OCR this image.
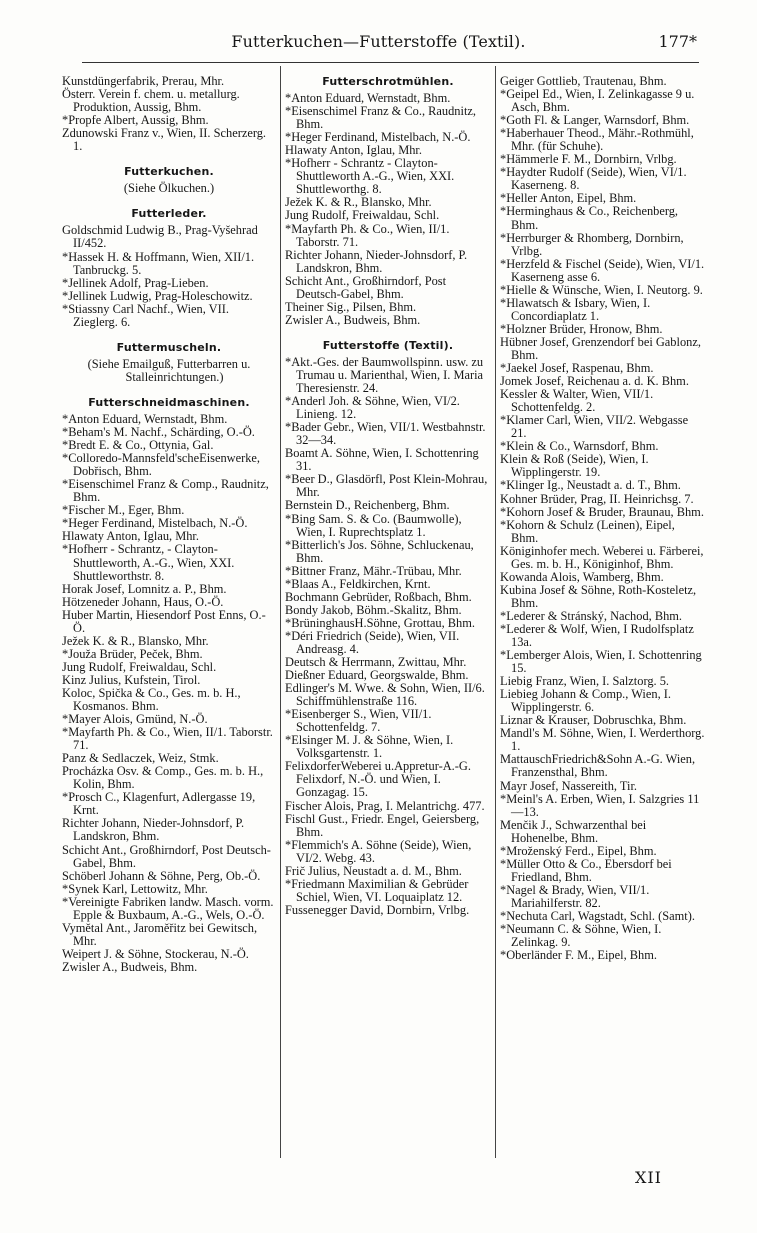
Futterkuchen—Futterstoffe (Textil).	177*

Kunstdüngerfabrik, Prerau, Mhr.

Österr. Verein f. chem. u. metallurg. Produktion, Aussig, Bhm.

*Propfe Albert, Aussig, Bhm.

Zdunowski Franz v., Wien, II. Scherzerg. 1.

Futterkuchen.

(Siehe Ölkuchen.)

Futterleder.

Goldschmid Ludwig B., Prag-Vyšehrad II/452.

*Hassek H. & Hoffmann, Wien, XII/1. Tanbruckg. 5.

*Jellinek Adolf, Prag-Lieben.

*Jellinek Ludwig, Prag-Holeschowitz.

*Stiassny Carl Nachf., Wien, VII. Zieglerg. 6.

Futtermuscheln.

(Siehe Emailguß, Futterbarren u. Stalleinrichtungen.)

Futterschneidmaschinen.

*Anton Eduard, Wernstadt, Bhm.

*Beham's M. Nachf., Schärding, O.-Ö.

*Bredt E. & Co., Ottynia, Gal.

*Colloredo-Mannsfeld'scheEisenwerke, Dobřisch, Bhm.

*Eisenschimel Franz & Comp., Raudnitz, Bhm.

*Fischer M., Eger, Bhm.

*Heger Ferdinand, Mistelbach, N.-Ö.

Hlawaty Anton, Iglau, Mhr.

*Hofherr - Schrantz, - Clayton-Shuttleworth, A.-G., Wien, XXI. Shuttleworthstr. 8.

Horak Josef, Lomnitz a. P., Bhm.

Hötzeneder Johann, Haus, O.-Ö.

Huber Martin, Hiesendorf Post Enns, O.-Ö.

Ježek K. & R., Blansko, Mhr.

*Jouža Brüder, Peček, Bhm.

Jung Rudolf, Freiwaldau, Schl.

Kinz Julius, Kufstein, Tirol.

Koloc, Spička & Co., Ges. m. b. H., Kosmanos. Bhm.

*Mayer Alois, Gmünd, N.-Ö.

*Mayfarth Ph. & Co., Wien, II/1. Taborstr. 71.

Panz & Sedlaczek, Weiz, Stmk.

Procházka Osv. & Comp., Ges. m. b. H., Kolin, Bhm.

*Prosch C., Klagenfurt, Adlergasse 19, Krnt.

Richter Johann, Nieder-Johnsdorf, P. Landskron, Bhm.

Schicht Ant., Großhirndorf, Post Deutsch-Gabel, Bhm.

Schöberl Johann & Söhne, Perg, Ob.-Ö.

*Synek Karl, Lettowitz, Mhr.

*Vereinigte Fabriken landw. Masch. vorm. Epple & Buxbaum, A.-G., Wels, O.-Ö.

Vymětal Ant., Jaroměřitz bei Gewitsch, Mhr.

Weipert J. & Söhne, Stockerau, N.-Ö.

Zwisler A., Budweis, Bhm.

Futterschrotmühlen.

*Anton Eduard, Wernstadt, Bhm.

*Eisenschimel Franz & Co., Raudnitz, Bhm.

*Heger Ferdinand, Mistelbach, N.-Ö.

Hlawaty Anton, Iglau, Mhr.

*Hofherr - Schrantz - Clayton-Shuttleworth A.-G., Wien, XXI. Shuttleworthg. 8.

Ježek K. & R., Blansko, Mhr.

Jung Rudolf, Freiwaldau, Schl.

*Mayfarth Ph. & Co., Wien, II/1. Taborstr. 71.

Richter Johann, Nieder-Johnsdorf, P. Landskron, Bhm.

Schicht Ant., Großhirndorf, Post Deutsch-Gabel, Bhm.

Theiner Sig., Pilsen, Bhm.

Zwisler A., Budweis, Bhm.

Futterstoffe (Textil).

*Akt.-Ges. der Baumwollspinn. usw. zu Trumau u. Marienthal, Wien, I. Maria Theresienstr. 24.

*Anderl Joh. & Söhne, Wien, VI/2. Linieng. 12.

*Bader Gebr., Wien, VII/1. Westbahnstr. 32—34.

Boamt A. Söhne, Wien, I. Schottenring 31.

*Beer D., Glasdörfl, Post Klein-Mohrau, Mhr.

Bernstein D., Reichenberg, Bhm.

*Bing Sam. S. & Co. (Baumwolle), Wien, I. Ruprechtsplatz 1.

*Bitterlich's Jos. Söhne, Schluckenau, Bhm.

*Bittner Franz, Mähr.-Trübau, Mhr.

*Blaas A., Feldkirchen, Krnt.

Bochmann Gebrüder, Roßbach, Bhm.

Bondy Jakob, Böhm.-Skalitz, Bhm.

*BrüninghausH.Söhne, Grottau, Bhm.

*Déri Friedrich (Seide), Wien, VII. Andreasg. 4.

Deutsch & Herrmann, Zwittau, Mhr.

Dießner Eduard, Georgswalde, Bhm.

Edlinger's M. Wwe. & Sohn, Wien, II/6. Schiffmühlenstraße 116.

*Eisenberger S., Wien, VII/1. Schottenfeldg. 7.

*Elsinger M. J. & Söhne, Wien, I. Volksgartenstr. 1.

FelixdorferWeberei u.Appretur-A.-G. Felixdorf, N.-Ö. und Wien, I. Gonzagag. 15.

Fischer Alois, Prag, I. Melantrichg. 477.

Fischl Gust., Friedr. Engel, Geiersberg, Bhm.

*Flemmich's A. Söhne (Seide), Wien, VI/2. Webg. 43.

Frič Julius, Neustadt a. d. M., Bhm.

*Friedmann Maximilian & Gebrüder Schiel, Wien, VI. Loquaiplatz 12.

Fussenegger David, Dornbirn, Vrlbg.

Geiger Gottlieb, Trautenau, Bhm.

*Geipel Ed., Wien, I. Zelinkagasse 9 u. Asch, Bhm.

*Goth Fl. & Langer, Warnsdorf, Bhm.

*Haberhauer Theod., Mähr.-Rothmühl, Mhr. (für Schuhe).

*Hämmerle F. M., Dornbirn, Vrlbg.

*Haydter Rudolf (Seide), Wien, VI/1. Kaserneng. 8.

*Heller Anton, Eipel, Bhm.

*Herminghaus & Co., Reichenberg, Bhm.

*Herrburger & Rhomberg, Dornbirn, Vrlbg.

*Herzfeld & Fischel (Seide), Wien, VI/1. Kaserneng asse 6.

*Hielle & Wünsche, Wien, I. Neutorg. 9.

*Hlawatsch & Isbary, Wien, I. Concordiaplatz 1.

*Holzner Brüder, Hronow, Bhm.

Hübner Josef, Grenzendorf bei Gablonz, Bhm.

*Jaekel Josef, Raspenau, Bhm.

Jomek Josef, Reichenau a. d. K. Bhm.

Kessler & Walter, Wien, VII/1. Schottenfeldg. 2.

*Klamer Carl, Wien, VII/2. Webgasse 21.

*Klein & Co., Warnsdorf, Bhm.

Klein & Roß (Seide), Wien, I. Wipplingerstr. 19.

*Klinger Ig., Neustadt a. d. T., Bhm.

Kohner Brüder, Prag, II. Heinrichsg. 7.

*Kohorn Josef & Bruder, Braunau, Bhm.

*Kohorn & Schulz (Leinen), Eipel, Bhm.

Königinhofer mech. Weberei u. Färberei, Ges. m. b. H., Königinhof, Bhm.

Kowanda Alois, Wamberg, Bhm.

Kubina Josef & Söhne, Roth-Kosteletz, Bhm.

*Lederer & Stránský, Nachod, Bhm.

*Lederer & Wolf, Wien, I Rudolfsplatz 13a.

*Lemberger Alois, Wien, I. Schottenring 15.

Liebig Franz, Wien, I. Salztorg. 5.

Liebieg Johann & Comp., Wien, I. Wipplingerstr. 6.

Liznar & Krauser, Dobruschka, Bhm.

Mandl's M. Söhne, Wien, I. Werderthorg. 1.

MattauschFriedrich&Sohn A.-G. Wien, Franzensthal, Bhm.

Mayr Josef, Nassereith, Tir.

*Meinl's A. Erben, Wien, I. Salzgries 11—13.

Menčik J., Schwarzenthal bei Hohenelbe, Bhm.

*Mroženský Ferd., Eipel, Bhm.

*Müller Otto & Co., Ebersdorf bei Friedland, Bhm.

*Nagel & Brady, Wien, VII/1. Mariahilferstr. 82.

*Nechuta Carl, Wagstadt, Schl. (Samt).

*Neumann C. & Söhne, Wien, I. Zelinkag. 9.

*Oberländer F. M., Eipel, Bhm.

XII
